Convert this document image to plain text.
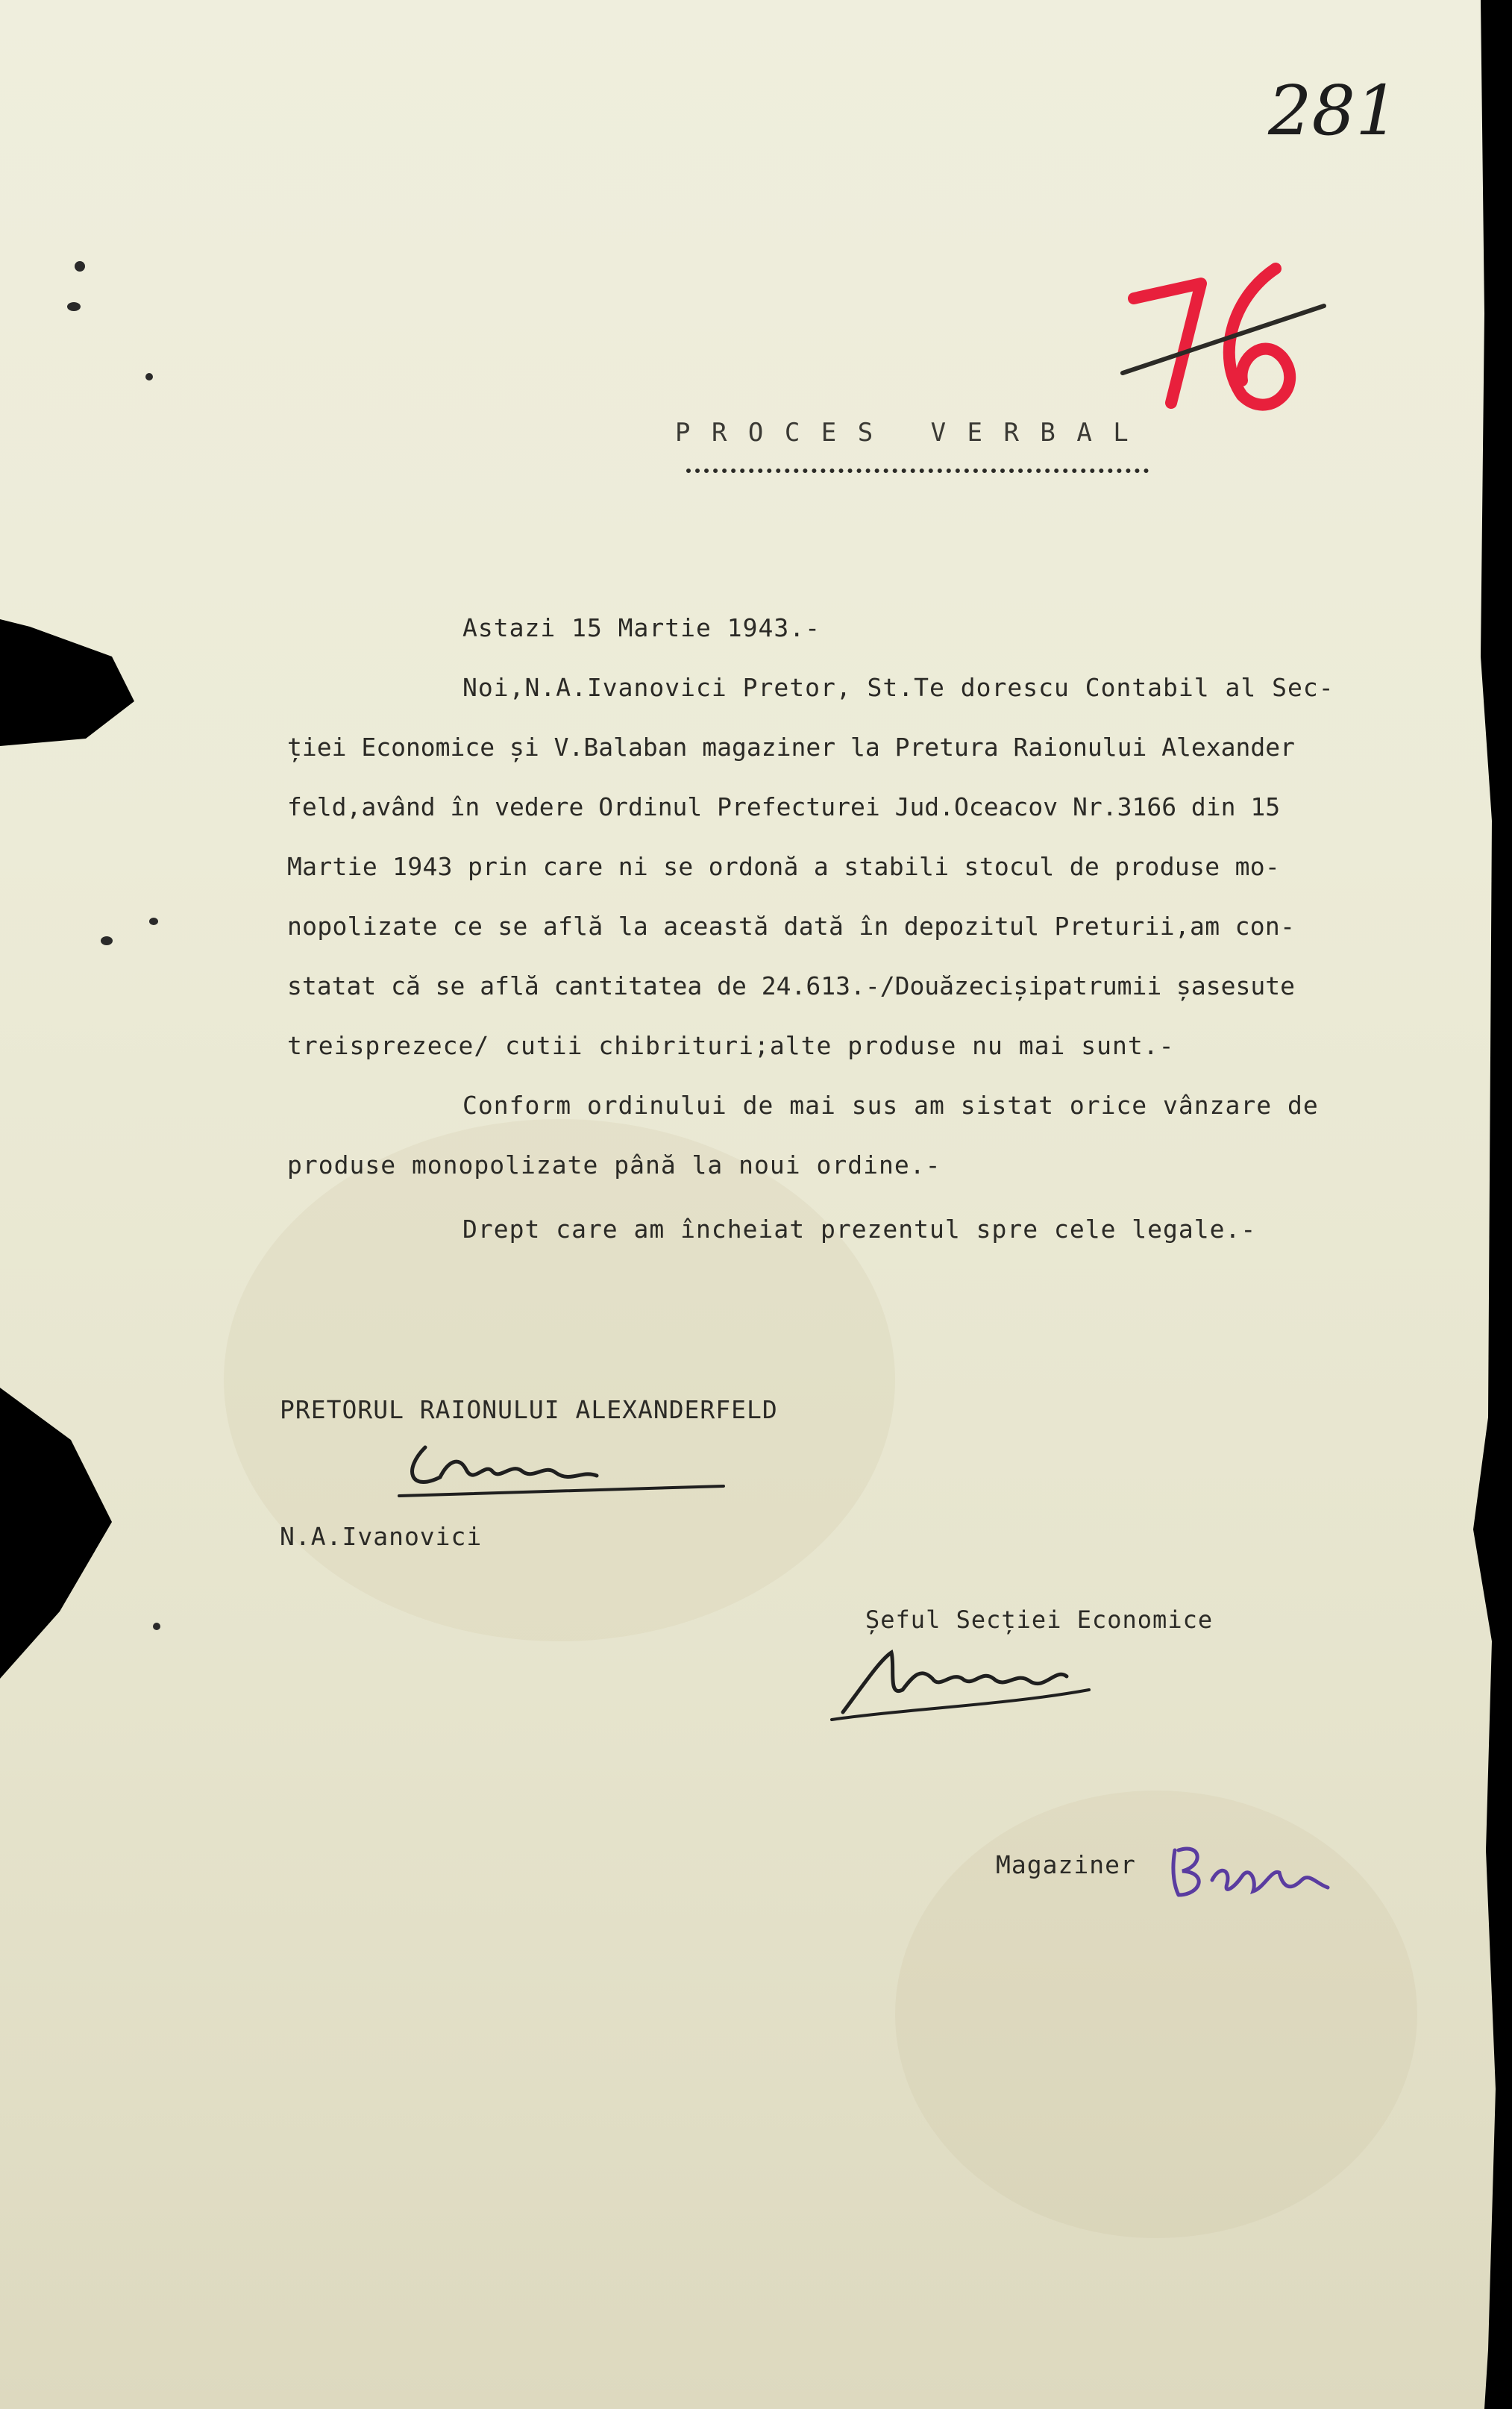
281
P R O C E S   V E R B A L
Astazi 15 Martie 1943.-
Noi,N.A.Ivanovici Pretor, St.Te dorescu Contabil al Sec-
ției Economice și V.Balaban magaziner la Pretura Raionului Alexander
feld,având în vedere Ordinul Prefecturei Jud.Oceacov Nr.3166 din 15
Martie 1943 prin care ni se ordonă a stabili stocul de produse mo-
nopolizate ce se află la această dată în depozitul Preturii,am con-
statat că se află cantitatea de 24.613.-/Douăzecișipatrumii șasesute
treisprezece/ cutii chibrituri;alte produse nu mai sunt.-
Conform ordinului de mai sus am sistat orice vânzare de
produse monopolizate până la noui ordine.-
Drept care am încheiat prezentul spre cele legale.-
PRETORUL RAIONULUI ALEXANDERFELD
N.A.Ivanovici
Șeful Secției Economice
Magaziner
